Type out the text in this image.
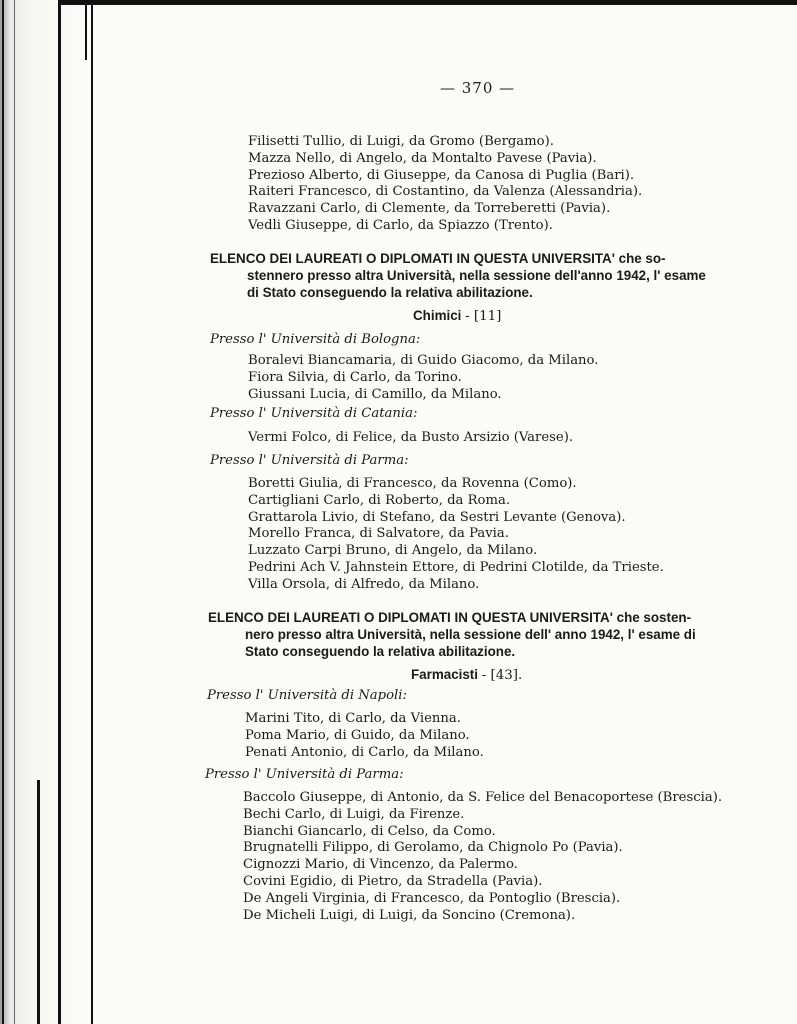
— 370 —
Filisetti Tullio, di Luigi, da Gromo (Bergamo).
Mazza Nello, di Angelo, da Montalto Pavese (Pavia).
Prezioso Alberto, di Giuseppe, da Canosa di Puglia (Bari).
Raiteri Francesco, di Costantino, da Valenza (Alessandria).
Ravazzani Carlo, di Clemente, da Torreberetti (Pavia).
Vedli Giuseppe, di Carlo, da Spiazzo (Trento).
ELENCO DEI LAUREATI O DIPLOMATI IN QUESTA UNIVERSITA' che so-
stennero presso altra Università, nella sessione dell'anno 1942, l' esame
di Stato conseguendo la relativa abilitazione.
Chimici - [11]
Presso l' Università di Bologna:
Boralevi Biancamaria, di Guido Giacomo, da Milano.
Fiora Silvia, di Carlo, da Torino.
Giussani Lucia, di Camillo, da Milano.
Presso l' Università di Catania:
Vermi Folco, di Felice, da Busto Arsizio (Varese).
Presso l' Università di Parma:
Boretti Giulia, di Francesco, da Rovenna (Como).
Cartigliani Carlo, di Roberto, da Roma.
Grattarola Livio, di Stefano, da Sestri Levante (Genova).
Morello Franca, di Salvatore, da Pavia.
Luzzato Carpi Bruno, di Angelo, da Milano.
Pedrini Ach V. Jahnstein Ettore, di Pedrini Clotilde, da Trieste.
Villa Orsola, di Alfredo, da Milano.
ELENCO DEI LAUREATI O DIPLOMATI IN QUESTA UNIVERSITA' che sosten-
nero presso altra Università, nella sessione dell' anno 1942, l' esame di
Stato conseguendo la relativa abilitazione.
Farmacisti - [43].
Presso l' Università di Napoli:
Marini Tito, di Carlo, da Vienna.
Poma Mario, di Guido, da Milano.
Penati Antonio, di Carlo, da Milano.
Presso l' Università di Parma:
Baccolo Giuseppe, di Antonio, da S. Felice del Benacoportese (Brescia).
Bechi Carlo, di Luigi, da Firenze.
Bianchi Giancarlo, di Celso, da Como.
Brugnatelli Filippo, di Gerolamo, da Chignolo Po (Pavia).
Cignozzi Mario, di Vincenzo, da Palermo.
Covini Egidio, di Pietro, da Stradella (Pavia).
De Angeli Virginia, di Francesco, da Pontoglio (Brescia).
De Micheli Luigi, di Luigi, da Soncino (Cremona).
